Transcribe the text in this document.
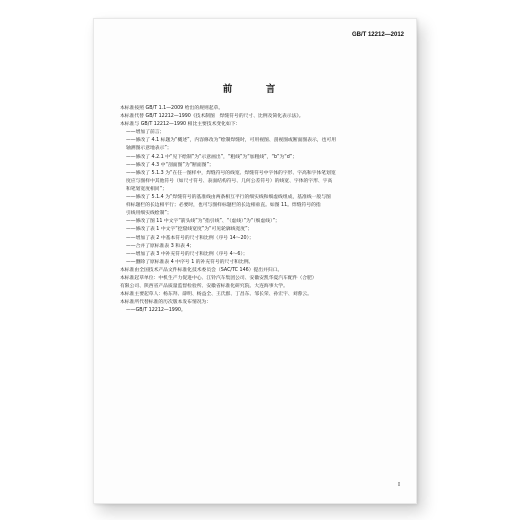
GB/T 12212—2012
前　言
本标准按照 GB/T 1.1—2009 给出的规则起草。
本标准代替 GB/T 12212—1990《技术制图　焊缝符号的尺寸、比例及简化表示法》。
本标准与 GB/T 12212—1990 相比主要技术变化如下：
——增加了前言；
——修改了 4.1 标题为“概述”，内容修改为“绘制焊缝时，可用视图、剖视图或断面图表示，也可用
轴测图示意地表示”；
——修改了 4.2.1 中“见下绘制”为“示意画出”，“粗线”为“加粗线”，“b”为“d”；
——修改了 4.3 中“剖面图”为“断面图”；
——修改了 5.1.3 为“在任一图样中，焊缝符号的线宽、焊缝符号中字体的字形、字高和字体笔划宽
度应与图样中其他符号（如尺寸符号、表面结构符号、几何公差符号）的线宽、字体的字形、字高
和笔划宽度相同”；
——修改了 5.1.4 为“焊缝符号的基准线由两条相互平行的细实线和细虚线组成，基准线一般与图
样标题栏的长边相平行；必要时，也可与图样标题栏的长边相垂直。如图 11。焊缝符号的指
引线用细实线绘制”；
——修改了图 11 中文字“箭头线”为“指引线”、“（虚线）”为“（细虚线）”；
——修改了表 1 中文字“挖窟线宽度”为“可见轮廓线宽度”；
——增加了表 2 中基本符号的尺寸和比例（序号 14～20）；
——合并了原标准表 3 和表 4；
——增加了表 3 中补充符号的尺寸和比例（序号 4～6）；
——删除了原标准表 4 中序号 1 的补充符号的尺寸和比例。
本标准由全国技术产品文件标准化技术委员会（SAC/TC 146）提出并归口。
本标准起草单位：中机生产力促进中心、江铃汽车集团公司、安徽安凯华夏汽车配件（合肥）
有限公司、陕西省产品质量监督检验所、安徽省标准化研究院、大连海事大学。
本标准主要起草人：杨东拜、薛明、杨益全、王氏群、丁昌东、邹长荣、孙宏宇、刘蓉云。
本标准所代替标准的历次版本发布情况为：
——GB/T 12212—1990。
I
